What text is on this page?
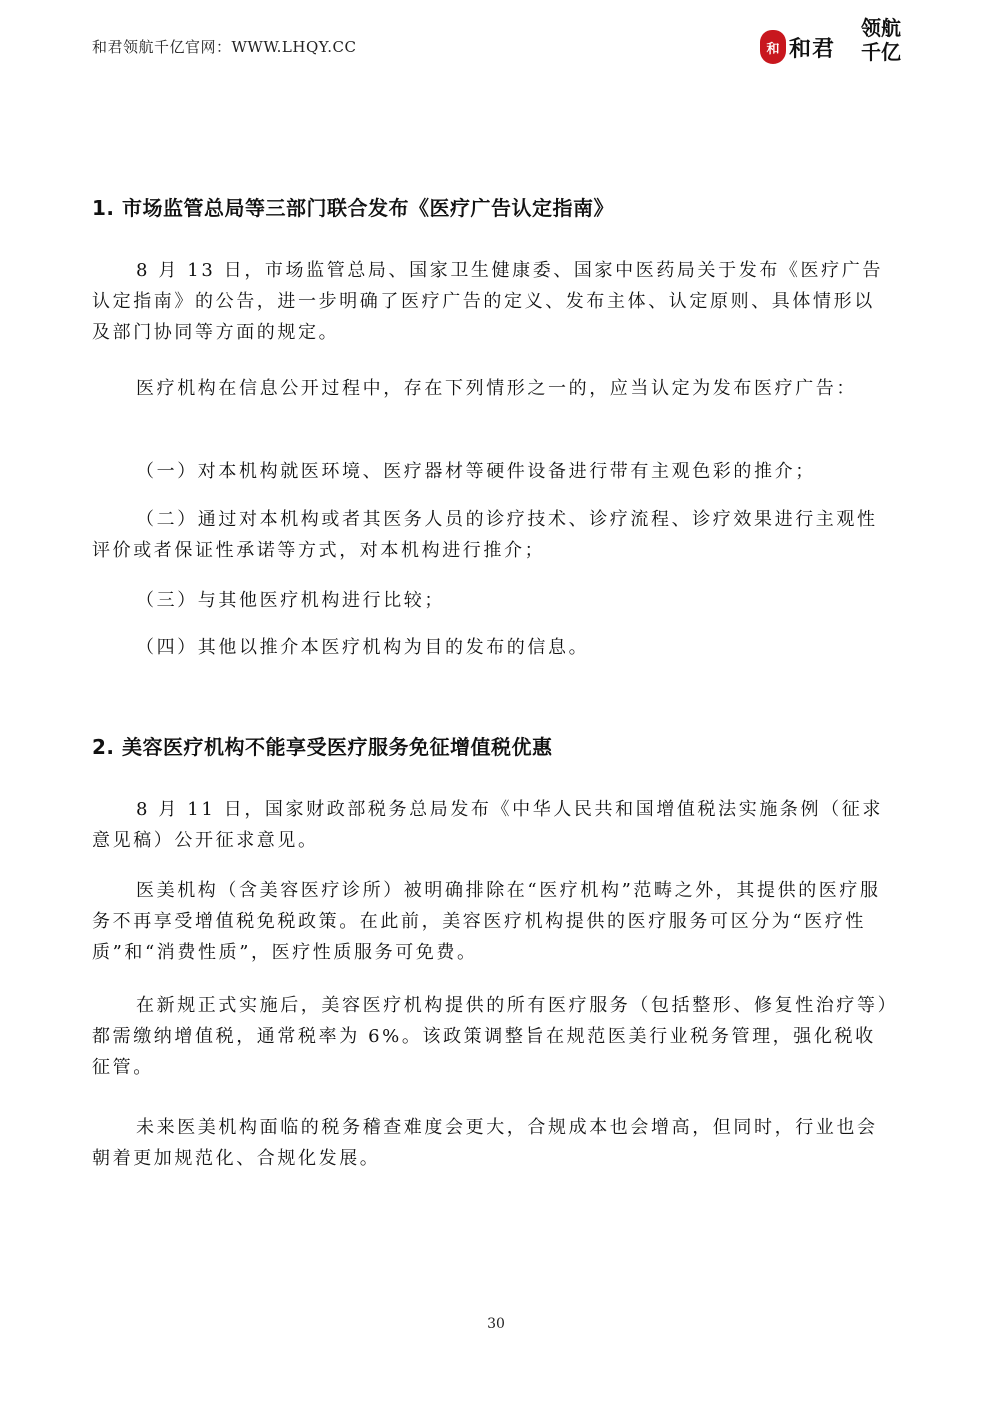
和君领航千亿官网：WWW.LHQY.CC	和 和君
领航
千亿
1. 市场监管总局等三部门联合发布《医疗广告认定指南》

8 月 13 日，市场监管总局、国家卫生健康委、国家中医药局关于发布《医疗广告认定指南》的公告，进一步明确了医疗广告的定义、发布主体、认定原则、具体情形以及部门协同等方面的规定。

医疗机构在信息公开过程中，存在下列情形之一的，应当认定为发布医疗广告：

（一）对本机构就医环境、医疗器材等硬件设备进行带有主观色彩的推介；

（二）通过对本机构或者其医务人员的诊疗技术、诊疗流程、诊疗效果进行主观性评价或者保证性承诺等方式，对本机构进行推介；

（三）与其他医疗机构进行比较；

（四）其他以推介本医疗机构为目的发布的信息。

2. 美容医疗机构不能享受医疗服务免征增值税优惠

8 月 11 日，国家财政部税务总局发布《中华人民共和国增值税法实施条例（征求意见稿）公开征求意见。

医美机构（含美容医疗诊所）被明确排除在“医疗机构”范畴之外，其提供的医疗服务不再享受增值税免税政策。在此前，美容医疗机构提供的医疗服务可区分为“医疗性质”和“消费性质”，医疗性质服务可免费。

在新规正式实施后，美容医疗机构提供的所有医疗服务（包括整形、修复性治疗等）都需缴纳增值税，通常税率为 6%。该政策调整旨在规范医美行业税务管理，强化税收征管。

未来医美机构面临的税务稽查难度会更大，合规成本也会增高，但同时，行业也会朝着更加规范化、合规化发展。

30
